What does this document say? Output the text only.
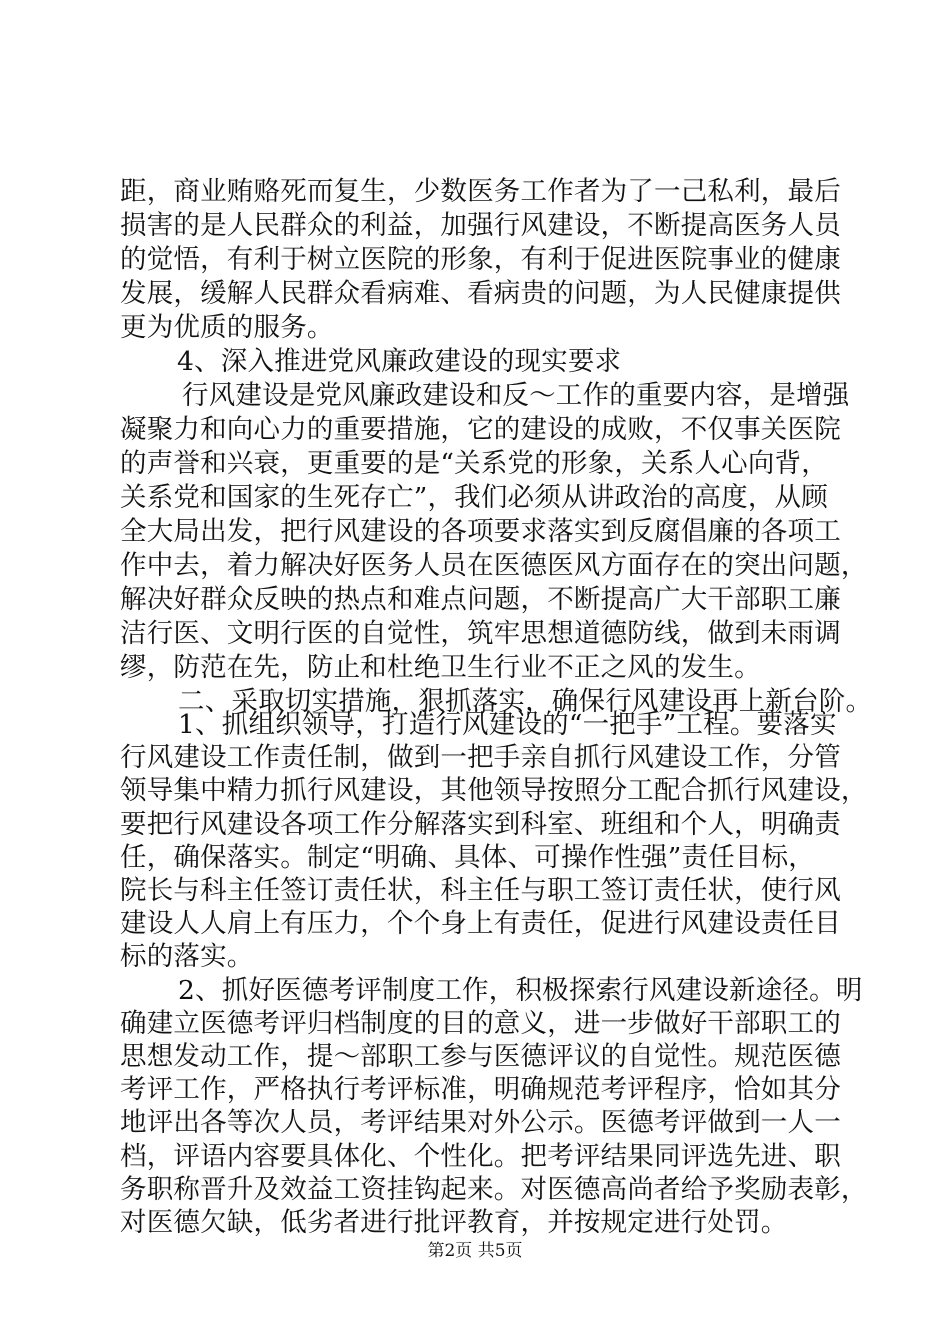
距，商业贿赂死而复生，少数医务工作者为了一己私利，最后
损害的是人民群众的利益，加强行风建设，不断提高医务人员
的觉悟，有利于树立医院的形象，有利于促进医院事业的健康
发展，缓解人民群众看病难、看病贵的问题，为人民健康提供
更为优质的服务。
4、深入推进党风廉政建设的现实要求
行风建设是党风廉政建设和反～工作的重要内容，是增强
凝聚力和向心力的重要措施，它的建设的成败，不仅事关医院
的声誉和兴衰，更重要的是“关系党的形象，关系人心向背，
关系党和国家的生死存亡”，我们必须从讲政治的高度，从顾
全大局出发，把行风建设的各项要求落实到反腐倡廉的各项工
作中去，着力解决好医务人员在医德医风方面存在的突出问题，
解决好群众反映的热点和难点问题，不断提高广大干部职工廉
洁行医、文明行医的自觉性，筑牢思想道德防线，做到未雨调
缪，防范在先，防止和杜绝卫生行业不正之风的发生。
二、采取切实措施，狠抓落实，确保行风建设再上新台阶。
1、抓组织领导，打造行风建设的“一把手”工程。要落实
行风建设工作责任制，做到一把手亲自抓行风建设工作，分管
领导集中精力抓行风建设，其他领导按照分工配合抓行风建设，
要把行风建设各项工作分解落实到科室、班组和个人，明确责
任，确保落实。制定“明确、具体、可操作性强”责任目标，
院长与科主任签订责任状，科主任与职工签订责任状，使行风
建设人人肩上有压力，个个身上有责任，促进行风建设责任目
标的落实。
2、抓好医德考评制度工作，积极探索行风建设新途径。明
确建立医德考评归档制度的目的意义，进一步做好干部职工的
思想发动工作，提～部职工参与医德评议的自觉性。规范医德
考评工作，严格执行考评标准，明确规范考评程序，恰如其分
地评出各等次人员，考评结果对外公示。医德考评做到一人一
档，评语内容要具体化、个性化。把考评结果同评选先进、职
务职称晋升及效益工资挂钩起来。对医德高尚者给予奖励表彰，
对医德欠缺，低劣者进行批评教育，并按规定进行处罚。
第2页 共5页
